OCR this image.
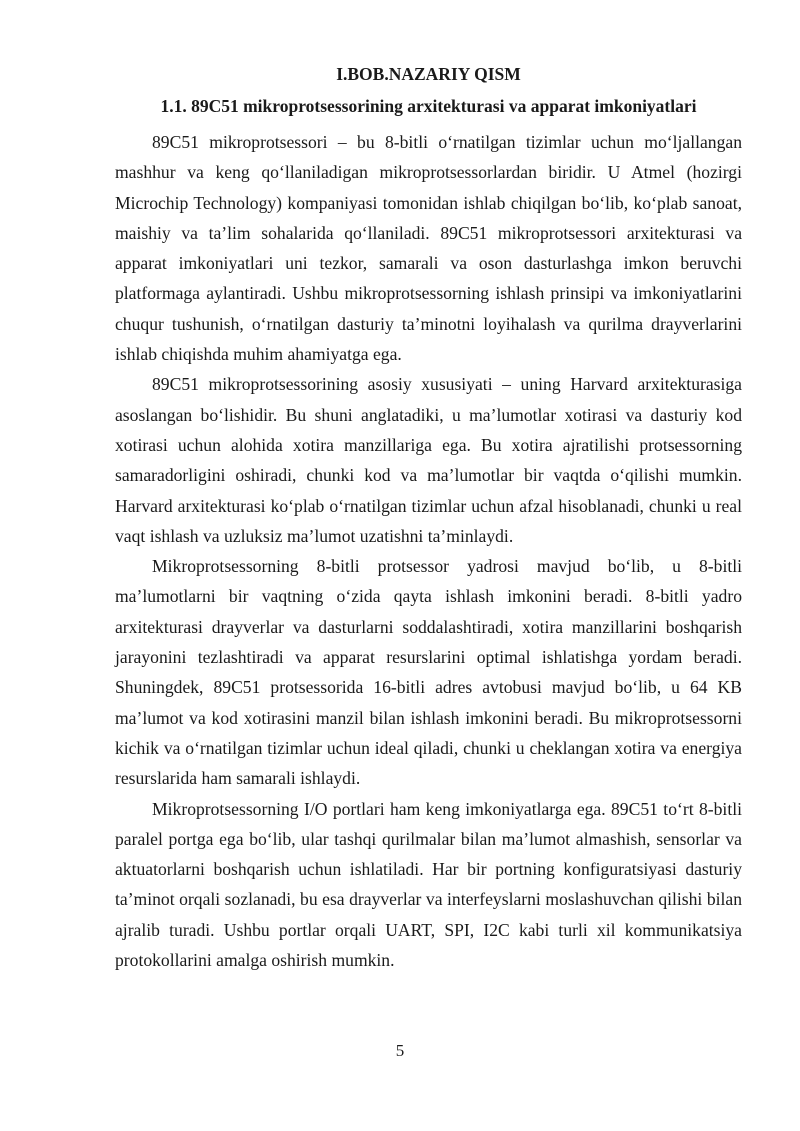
I.BOB.NAZARIY QISM
1.1. 89C51 mikroprotsessorining arxitekturasi va apparat imkoniyatlari

89C51 mikroprotsessori – bu 8-bitli o‘rnatilgan tizimlar uchun mo‘ljallangan mashhur va keng qo‘llaniladigan mikroprotsessorlardan biridir. U Atmel (hozirgi Microchip Technology) kompaniyasi tomonidan ishlab chiqilgan bo‘lib, ko‘plab sanoat, maishiy va ta’lim sohalarida qo‘llaniladi. 89C51 mikroprotsessori arxitekturasi va apparat imkoniyatlari uni tezkor, samarali va oson dasturlashga imkon beruvchi platformaga aylantiradi. Ushbu mikroprotsessorning ishlash prinsipi va imkoniyatlarini chuqur tushunish, o‘rnatilgan dasturiy ta’minotni loyihalash va qurilma drayverlarini ishlab chiqishda muhim ahamiyatga ega.

89C51 mikroprotsessorining asosiy xususiyati – uning Harvard arxitekturasiga asoslangan bo‘lishidir. Bu shuni anglatadiki, u ma’lumotlar xotirasi va dasturiy kod xotirasi uchun alohida xotira manzillariga ega. Bu xotira ajratilishi protsessorning samaradorligini oshiradi, chunki kod va ma’lumotlar bir vaqtda o‘qilishi mumkin. Harvard arxitekturasi ko‘plab o‘rnatilgan tizimlar uchun afzal hisoblanadi, chunki u real vaqt ishlash va uzluksiz ma’lumot uzatishni ta’minlaydi.

Mikroprotsessorning 8-bitli protsessor yadrosi mavjud bo‘lib, u 8-bitli ma’lumotlarni bir vaqtning o‘zida qayta ishlash imkonini beradi. 8-bitli yadro arxitekturasi drayverlar va dasturlarni soddalashtiradi, xotira manzillarini boshqarish jarayonini tezlashtiradi va apparat resurslarini optimal ishlatishga yordam beradi. Shuningdek, 89C51 protsessorida 16-bitli adres avtobusi mavjud bo‘lib, u 64 KB ma’lumot va kod xotirasini manzil bilan ishlash imkonini beradi. Bu mikroprotsessorni kichik va o‘rnatilgan tizimlar uchun ideal qiladi, chunki u cheklangan xotira va energiya resurslarida ham samarali ishlaydi.

Mikroprotsessorning I/O portlari ham keng imkoniyatlarga ega. 89C51 to‘rt 8-bitli paralel portga ega bo‘lib, ular tashqi qurilmalar bilan ma’lumot almashish, sensorlar va aktuatorlarni boshqarish uchun ishlatiladi. Har bir portning konfiguratsiyasi dasturiy ta’minot orqali sozlanadi, bu esa drayverlar va interfeyslarni moslashuvchan qilishi bilan ajralib turadi. Ushbu portlar orqali UART, SPI, I2C kabi turli xil kommunikatsiya protokollarini amalga oshirish mumkin.

5
